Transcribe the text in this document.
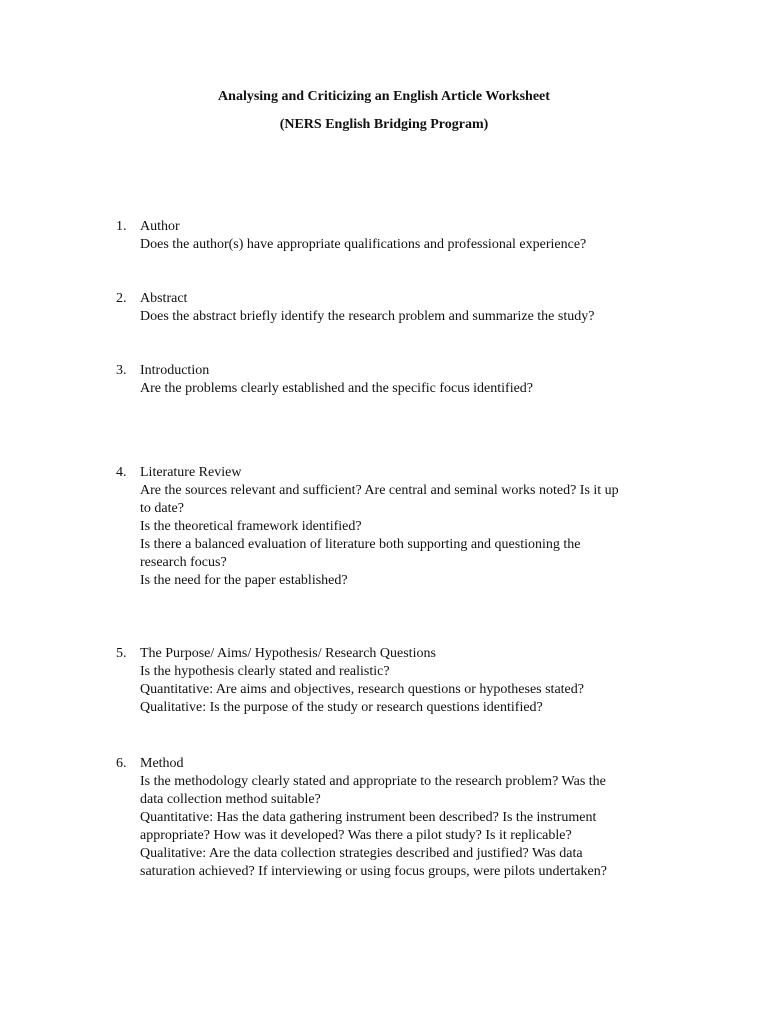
Analysing and Criticizing an English Article Worksheet
(NERS English Bridging Program)
1. Author
Does the author(s) have appropriate qualifications and professional experience?
2. Abstract
Does the abstract briefly identify the research problem and summarize the study?
3. Introduction
Are the problems clearly established and the specific focus identified?
4. Literature Review
Are the sources relevant and sufficient? Are central and seminal works noted? Is it up
to date?
Is the theoretical framework identified?
Is there a balanced evaluation of literature both supporting and questioning the
research focus?
Is the need for the paper established?
5. The Purpose/ Aims/ Hypothesis/ Research Questions
Is the hypothesis clearly stated and realistic?
Quantitative: Are aims and objectives, research questions or hypotheses stated?
Qualitative: Is the purpose of the study or research questions identified?
6. Method
Is the methodology clearly stated and appropriate to the research problem? Was the
data collection method suitable?
Quantitative: Has the data gathering instrument been described? Is the instrument
appropriate? How was it developed? Was there a pilot study? Is it replicable?
Qualitative: Are the data collection strategies described and justified? Was data
saturation achieved? If interviewing or using focus groups, were pilots undertaken?
